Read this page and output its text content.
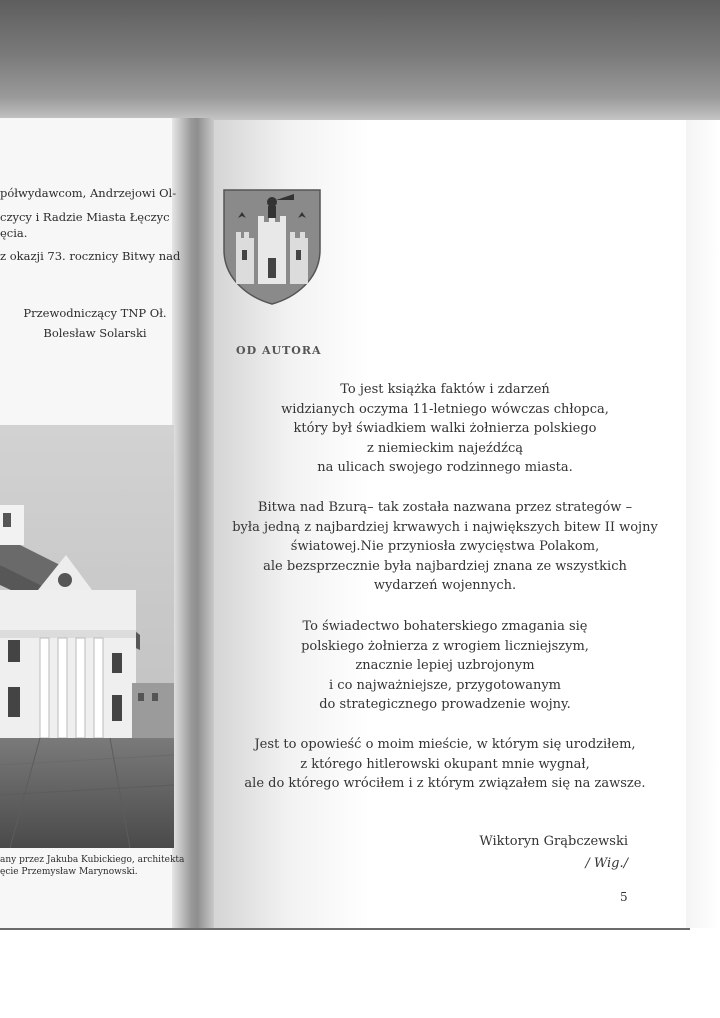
półwydawcom, Andrzejowi Ol-
czycy i Radzie Miasta Łęczyc
ęcia.
z okazji 73. rocznicy Bitwy nad
Przewodniczący TNP Oł.
Bolesław Solarski
any przez Jakuba Kubickiego, architekta
ęcie Przemysław Marynowski.
OD AUTORA
To jest książka faktów i zdarzeń
widzianych oczyma 11-letniego wówczas chłopca,
który był świadkiem walki żołnierza polskiego
z niemieckim najeźdźcą
na ulicach swojego rodzinnego miasta.
Bitwa nad Bzurą– tak została nazwana przez strategów –
była jedną z najbardziej krwawych i największych bitew II wojny
światowej.Nie przyniosła zwycięstwa Polakom,
ale bezsprzecznie była najbardziej znana ze wszystkich
wydarzeń wojennych.
To świadectwo bohaterskiego zmagania się
polskiego żołnierza z wrogiem liczniejszym,
znacznie lepiej uzbrojonym
i co najważniejsze, przygotowanym
do strategicznego prowadzenie wojny.
Jest to opowieść o moim mieście, w którym się urodziłem,
z którego hitlerowski okupant mnie wygnał,
ale do którego wróciłem i z którym związałem się na zawsze.
Wiktoryn Grąbczewski
/ Wig./
5
